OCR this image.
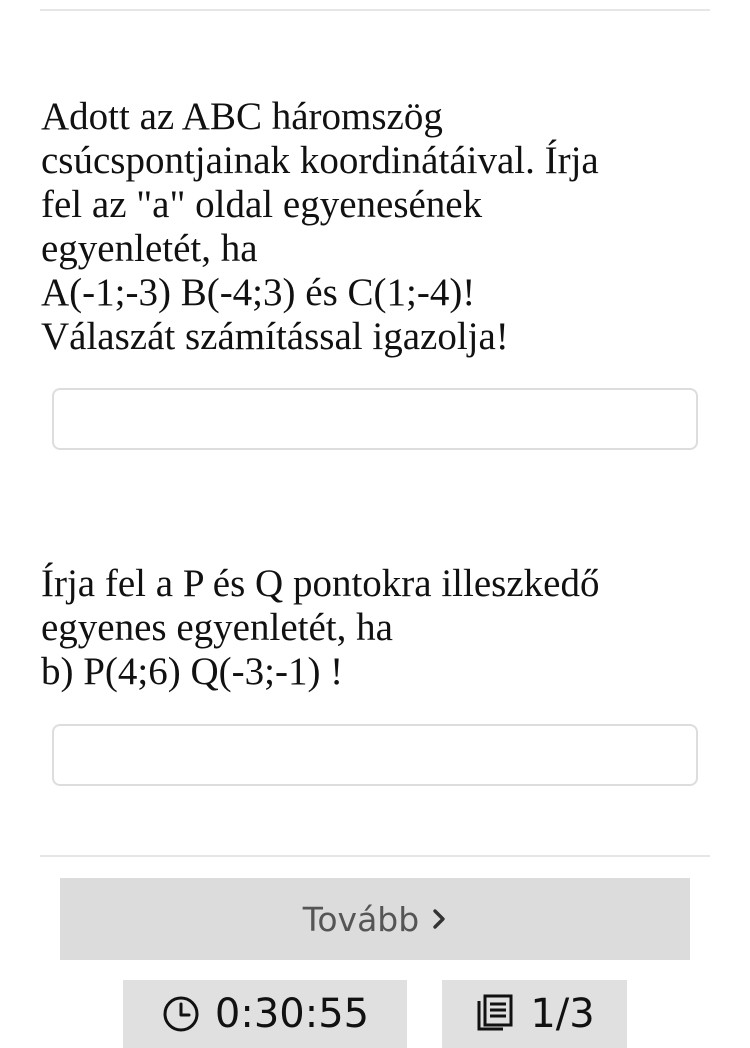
Adott az ABC háromszög
csúcspontjainak koordinátáival. Írja
fel az "a" oldal egyenesének
egyenletét, ha
A(-1;-3) B(-4;3) és C(1;-4)!
Válaszát számítással igazolja!
Írja fel a P és Q pontokra illeszkedő
egyenes egyenletét, ha
b) P(4;6) Q(-3;-1) !
Tovább
0:30:55	1/3
